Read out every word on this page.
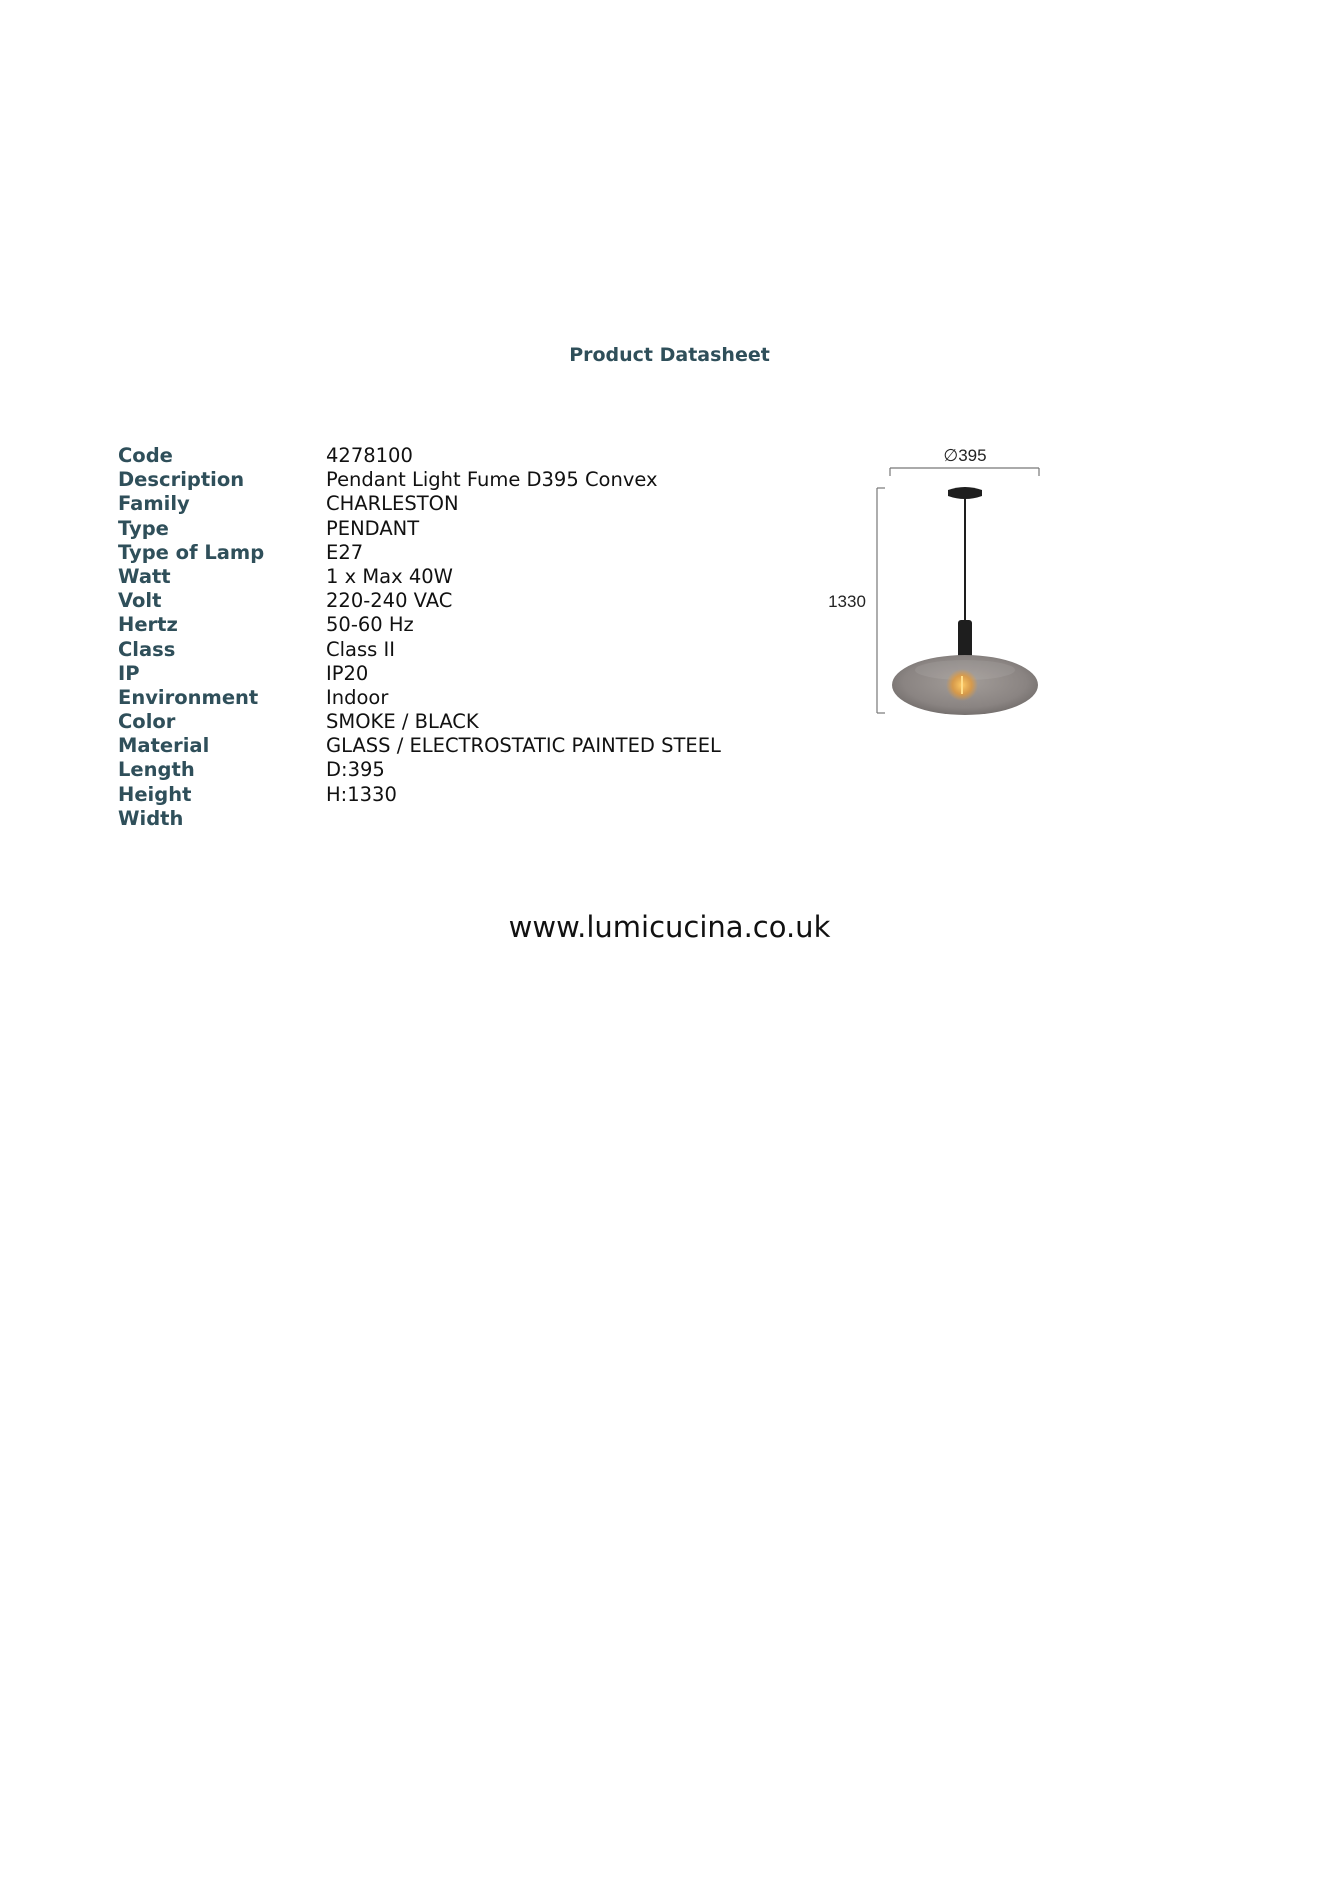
Product Datasheet
Code	4278100
Description	Pendant Light Fume D395 Convex
Family	CHARLESTON
Type	PENDANT
Type of Lamp	E27
Watt	1 x Max 40W
Volt	220-240 VAC
Hertz	50-60 Hz
Class	Class II
IP	IP20
Environment	Indoor
Color	SMOKE / BLACK
Material	GLASS / ELECTROSTATIC PAINTED STEEL
Length	D:395
Height	H:1330
Width
∅395
1330
www.lumicucina.co.uk
